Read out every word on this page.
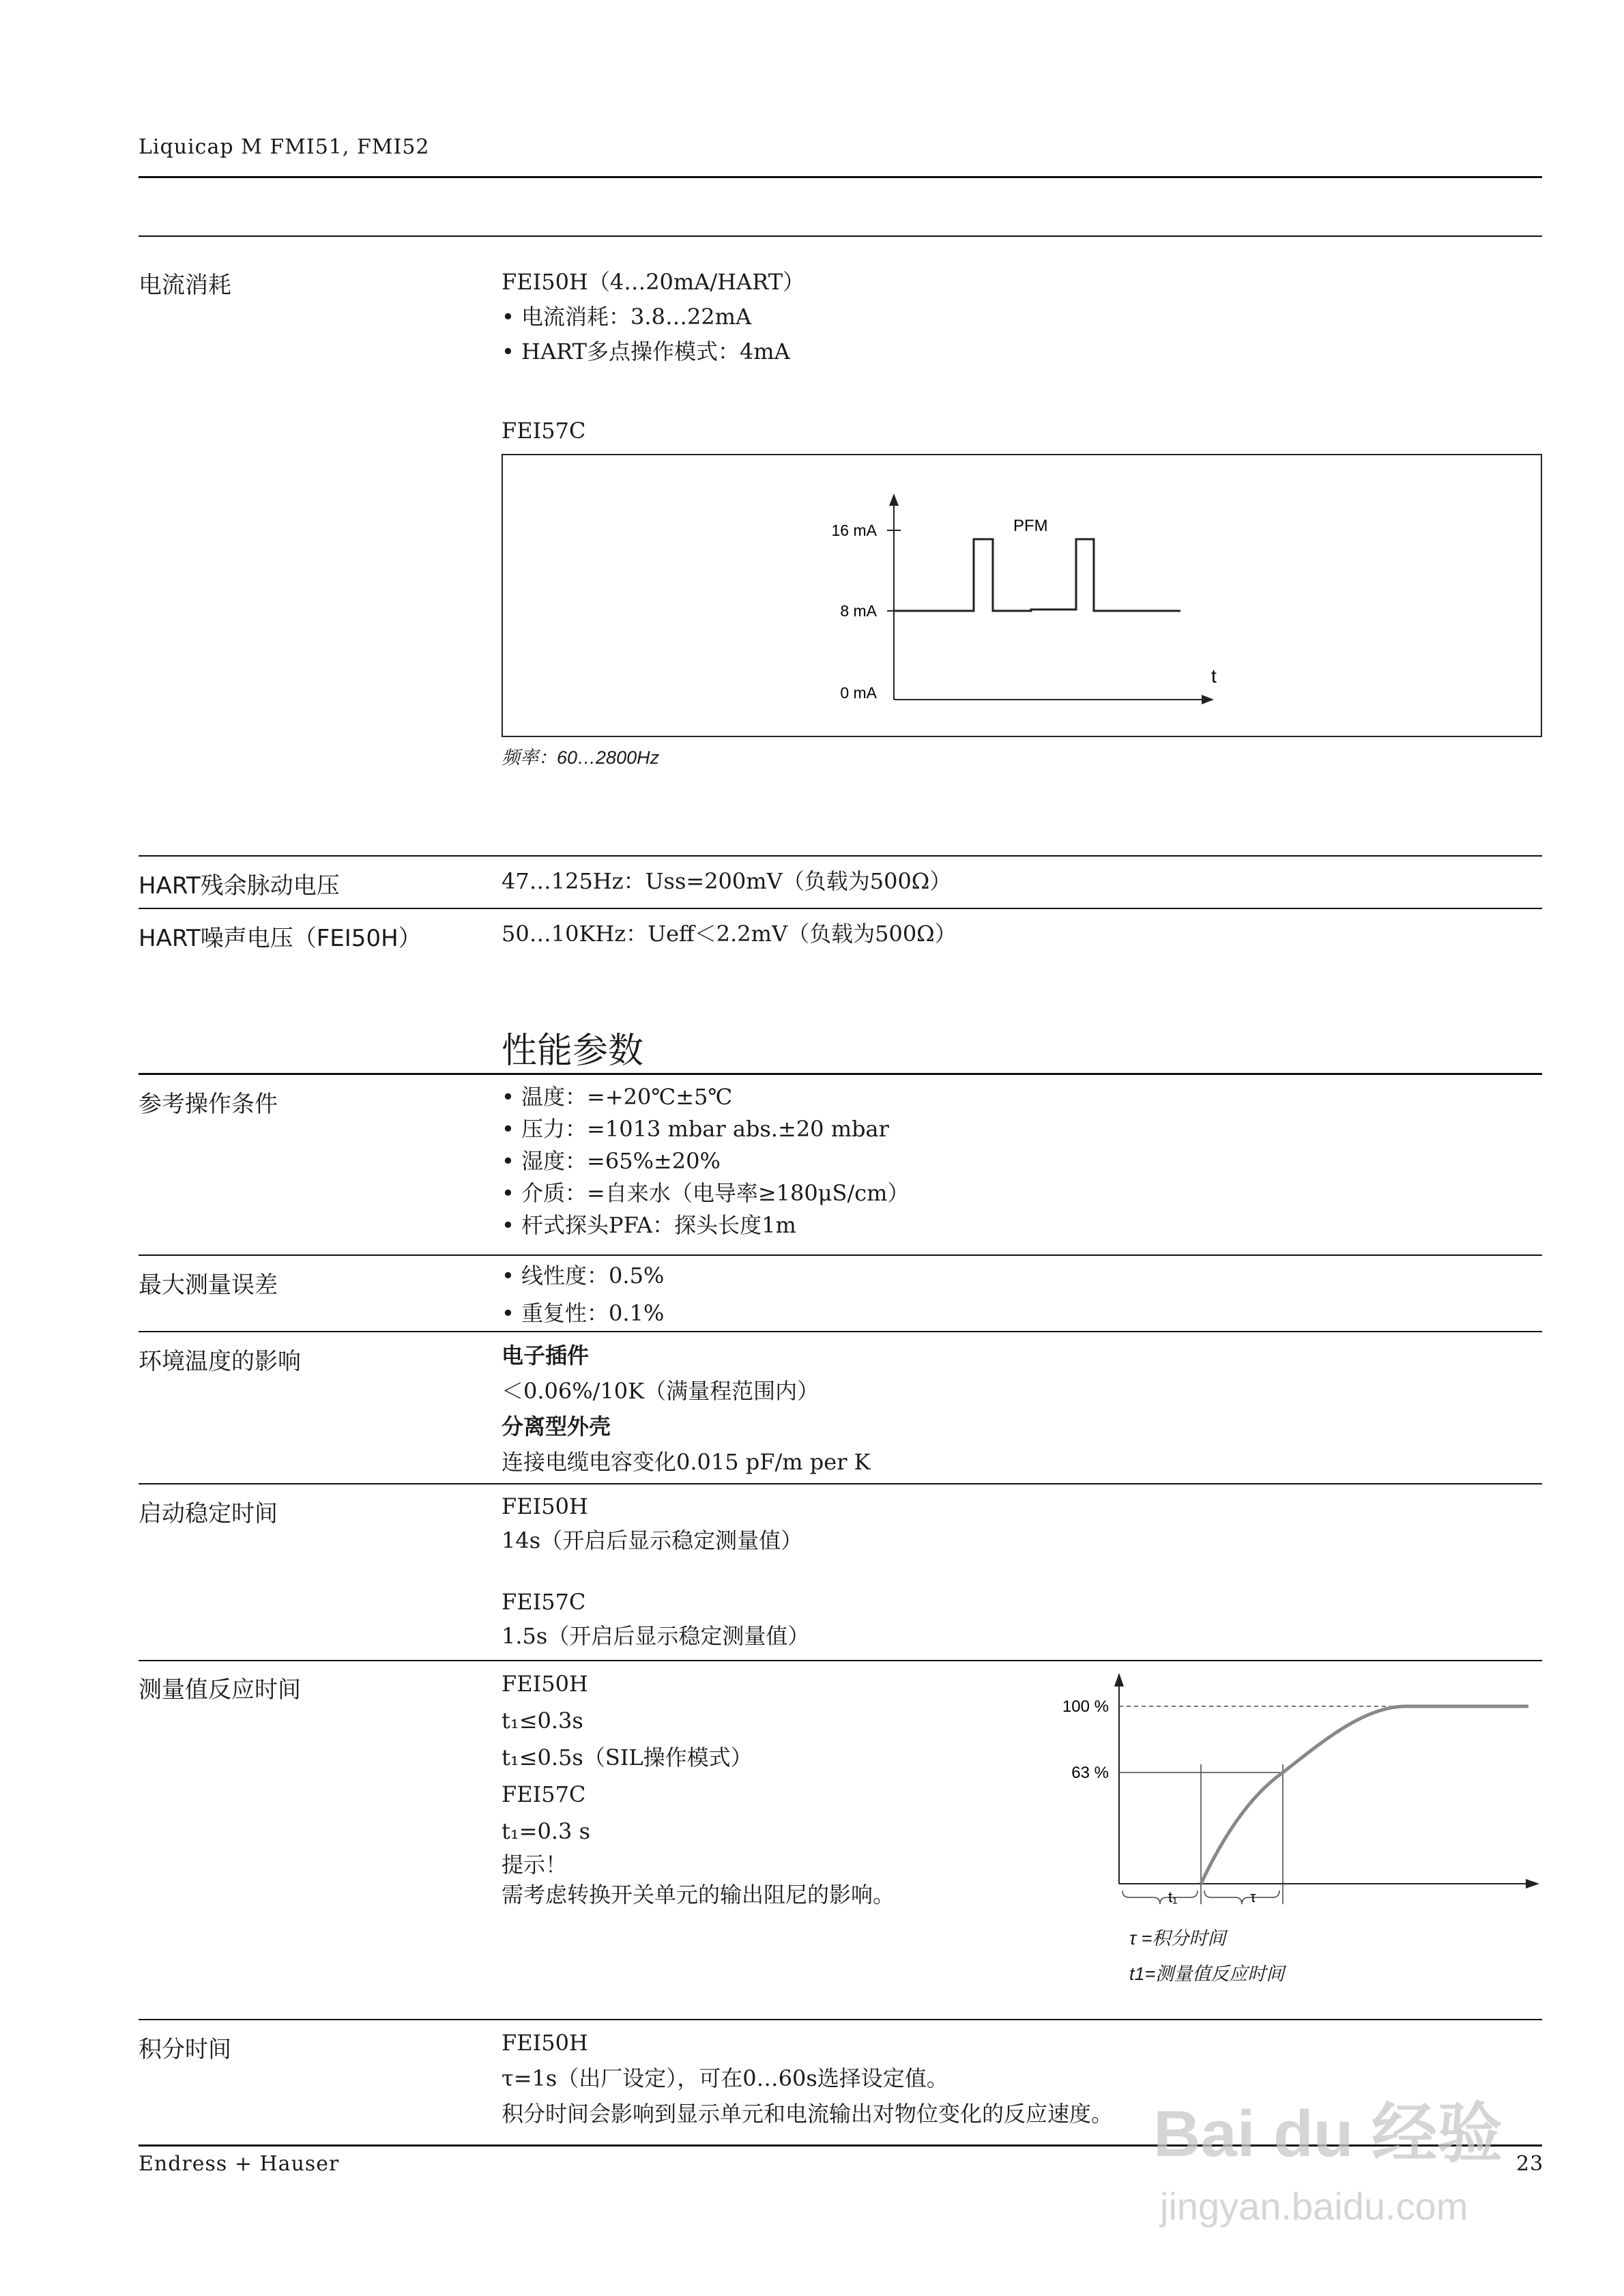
Liquicap M FMI51, FMI52
电流消耗	FEI50H（4…20mA/HART）
• 电流消耗：3.8…22mA
• HART多点操作模式：4mA
FEI57C
16 mA
8 mA
0 mA
PFM
t
频率：60…2800Hz
HART残余脉动电压	47…125Hz：Uss=200mV（负载为500Ω）
HART噪声电压（FEI50H）	50…10KHz：Ueff＜2.2mV（负载为500Ω）
性能参数
参考操作条件	• 温度：=+20℃±5℃
• 压力：=1013 mbar abs.±20 mbar
• 湿度：=65%±20%
• 介质：=自来水（电导率≥180μS/cm）
• 杆式探头PFA：探头长度1m
最大测量误差	• 线性度：0.5%
• 重复性：0.1%
环境温度的影响	电子插件
＜0.06%/10K（满量程范围内）
分离型外壳
连接电缆电容变化0.015 pF/m per K
启动稳定时间	FEI50H
14s（开启后显示稳定测量值）
FEI57C
1.5s（开启后显示稳定测量值）
测量值反应时间	FEI50H
t₁≤0.3s
t₁≤0.5s（SIL操作模式）
FEI57C
t₁=0.3 s
提示！
需考虑转换开关单元的输出阻尼的影响。
100 %
63 %
t₁	τ
τ =积分时间
t1=测量值反应时间
积分时间	FEI50H
τ=1s（出厂设定），可在0…60s选择设定值。
积分时间会影响到显示单元和电流输出对物位变化的反应速度。
Endress + Hauser	23
Bai du 经验
jingyan.baidu.com
